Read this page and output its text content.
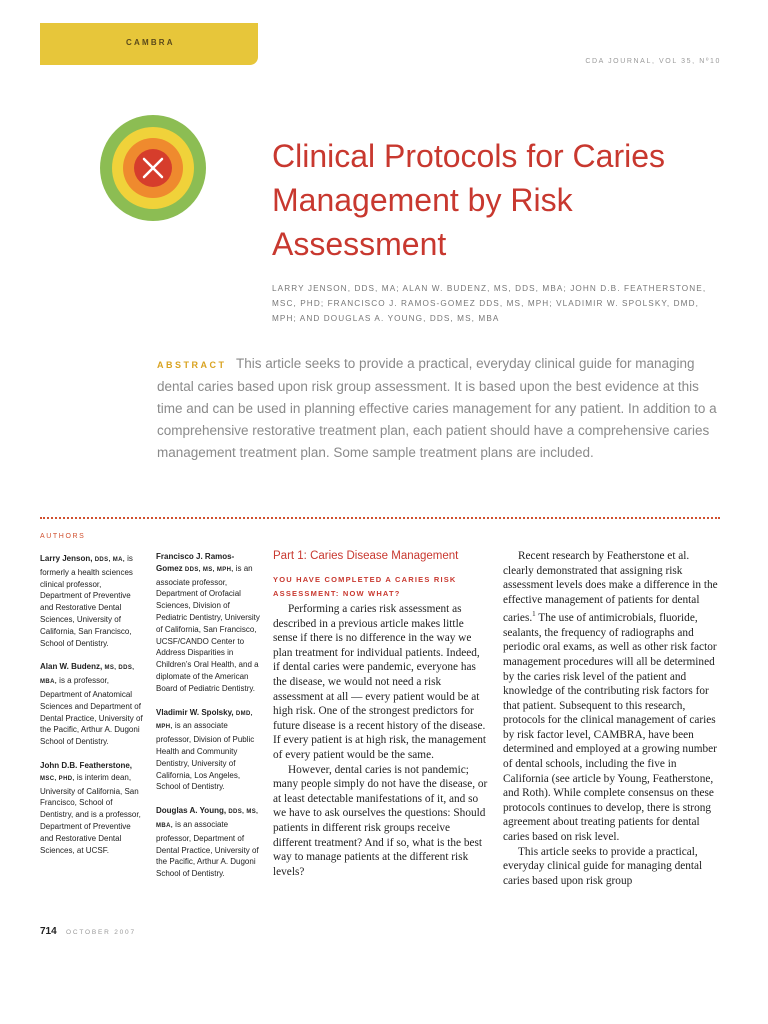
CAMBRA
CDA JOURNAL, VOL 35, Nº10
Clinical Protocols for Caries Management by Risk Assessment

LARRY JENSON, DDS, MA; ALAN W. BUDENZ, MS, DDS, MBA; JOHN D.B. FEATHERSTONE, MSC, PHD; FRANCISCO J. RAMOS-GOMEZ DDS, MS, MPH; VLADIMIR W. SPOLSKY, DMD, MPH; AND DOUGLAS A. YOUNG, DDS, MS, MBA

ABSTRACT This article seeks to provide a practical, everyday clinical guide for managing dental caries based upon risk group assessment. It is based upon the best evidence at this time and can be used in planning effective caries management for any patient. In addition to a comprehensive restorative treatment plan, each patient should have a comprehensive caries management treatment plan. Some sample treatment plans are included.

AUTHORS

Larry Jenson, DDS, MA, is formerly a health sciences clinical professor, Department of Preventive and Restorative Dental Sciences, University of California, San Francisco, School of Dentistry.

Alan W. Budenz, MS, DDS, MBA, is a professor, Department of Anatomical Sciences and Department of Dental Practice, University of the Pacific, Arthur A. Dugoni School of Dentistry.

John D.B. Featherstone, MSC, PHD, is interim dean, University of California, San Francisco, School of Dentistry, and is a professor, Department of Preventive and Restorative Dental Sciences, at UCSF.

Francisco J. Ramos-Gomez DDS, MS, MPH, is an associate professor, Department of Orofacial Sciences, Division of Pediatric Dentistry, University of California, San Francisco, UCSF/CANDO Center to Address Disparities in Children’s Oral Health, and a diplomate of the American Board of Pediatric Dentistry.

Vladimir W. Spolsky, DMD, MPH, is an associate professor, Division of Public Health and Community Dentistry, University of California, Los Angeles, School of Dentistry.

Douglas A. Young, DDS, MS, MBA, is an associate professor, Department of Dental Practice, University of the Pacific, Arthur A. Dugoni School of Dentistry.

Part 1: Caries Disease Management
YOU HAVE COMPLETED A CARIES RISK ASSESSMENT: NOW WHAT?

Performing a caries risk assessment as described in a previous article makes little sense if there is no difference in the way we plan treatment for individual patients. Indeed, if dental caries were pandemic, everyone has the disease, we would not need a risk assessment at all — every patient would be at high risk. One of the strongest predictors for future disease is a recent history of the disease. If every patient is at high risk, the management of every patient would be the same.

However, dental caries is not pandemic; many people simply do not have the disease, or at least detectable manifestations of it, and so we have to ask ourselves the questions: Should patients in different risk groups receive different treatment? And if so, what is the best way to manage patients at the different risk levels?

Recent research by Featherstone et al. clearly demonstrated that assigning risk assessment levels does make a difference in the effective management of patients for dental caries.$^1$ The use of antimicrobials, fluoride, sealants, the frequency of radiographs and periodic oral exams, as well as other risk factor management procedures will all be determined by the caries risk level of the patient and knowledge of the contributing risk factors for that patient. Subsequent to this research, protocols for the clinical management of caries by risk factor level, CAMBRA, have been determined and employed at a growing number of dental schools, including the five in California (see article by Young, Featherstone, and Roth). While complete consensus on these protocols continues to develop, there is strong agreement about treating patients for dental caries based on risk level.

This article seeks to provide a practical, everyday clinical guide for managing dental caries based upon risk group

714 OCTOBER 2007
